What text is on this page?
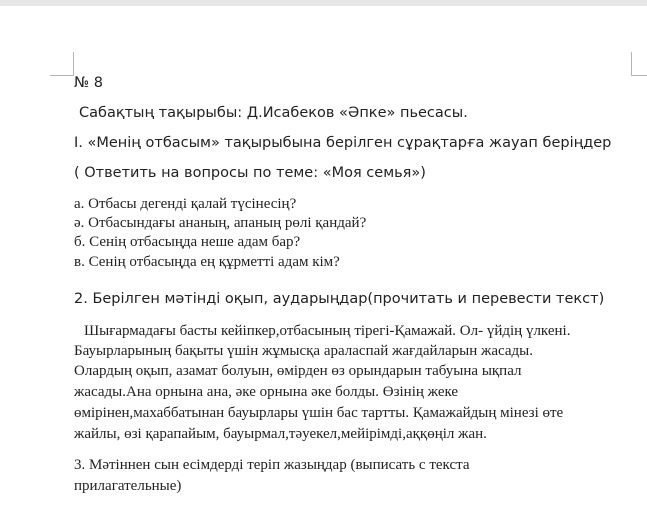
№ 8
Сабақтың тақырыбы: Д.Исабеков «Әпке» пьесасы.
І. «Менің отбасым» тақырыбына берілген сұрақтарға жауап беріңдер
( Ответить на вопросы по теме: «Моя семья»)
а. Отбасы дегенді қалай түсінесің?
ә. Отбасындағы ананың, апаның рөлі қандай?
б. Сенің отбасыңда неше адам бар?
в. Сенің отбасыңда ең құрметті адам кім?
2. Берілген мәтінді оқып, аударыңдар(прочитать и перевести текст)
Шығармадағы басты кейіпкер,отбасының тірегі-Қамажай. Ол- үйдің үлкені.
Бауырларының бақыты үшін жұмысқа араласпай жағдайларын жасады.
Олардың оқып, азамат болуын, өмірден өз орындарын табуына ықпал
жасады.Ана орнына ана, әке орнына әке болды. Өзінің жеке
өмірінен,махаббатынан бауырлары үшін бас тартты. Қамажайдың мінезі өте
жайлы, өзі қарапайым, бауырмал,тәуекел,мейірімді,аққөңіл жан.
3. Мәтіннен сын есімдерді теріп жазыңдар (выписать с текста
прилагательные)
